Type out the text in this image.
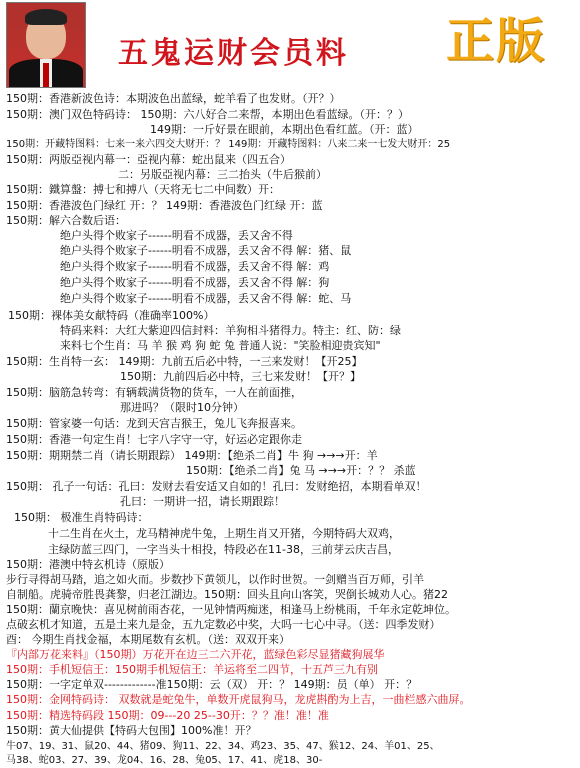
五鬼运财会员料 正版
150期：香港新波色诗：本期波色出蓝绿，蛇羊看了也发财。（开？）
150期：澳门双色特码诗： 150期：六八好合二来帮，本期出色看蓝绿。（开：？）
149期：一斤好景在眼前，本期出色看红蓝。（开：蓝）
150期：开藏特图料：七来一来六四交大财开：？ 149期：开藏特图料：八来二来一七发大财开：25
150期：两版亞视内幕一：亞视内幕：蛇出鼠来（四五合）
二：另版亞视内幕：三二抬头（牛后猴前）
150期：鐵算盤：搏七和搏八（天将无七二中间数）开：
150期：香港波色门绿红 开：？ 149期：香港波色门红绿 开：蓝
150期：解六合数后语：
绝户头得个败家子------明看不成器，丢又舍不得
绝户头得个败家子------明看不成器，丢又舍不得 解：猪、鼠
绝户头得个败家子------明看不成器，丢又舍不得 解：鸡
绝户头得个败家子------明看不成器，丢又舍不得 解：狗
绝户头得个败家子------明看不成器，丢又舍不得 解：蛇、马
150期：裸体美女献特码（准确率100%）
特码来料：大红大紫迎四信封料：羊狗相斗猪得力。特主：红、防：绿
来料七个生肖：马 羊 猴 鸡 狗 蛇 兔 普通人说："笑脸相迎贵宾知"
150期：生肖特一玄： 149期：九前五后必中特，一三来发财！【开25】
150期：九前四后必中特，三七来发财！【开？】
150期：脑筋急转弯：有辆载满货物的货车，一人在前面推，
那进吗？（限时10分钟）
150期：管家婆一句话：龙到天宫吉猴王，兔儿飞奔报喜来。
150期：香港一句定生肖！七字八字守一守，好运必定跟你走
150期：期期禁二肖（请长期跟踪） 149期：【绝杀二肖】牛 狗 →→→开：羊
150期：【绝杀二肖】兔 马 →→→开：？？ 杀蓝
150期： 孔子一句话：孔曰：发财去看安适又自如的！孔曰：发财绝招，本期看单双！
孔曰：一期讲一招，请长期跟踪！
150期： 极准生肖特码诗：
十二生肖在火土，龙马精神虎牛兔，上期生肖又开猪，今期特码大双鸡，
主绿防蓝三四门，一字当头十相投，特段必在11-38，三前芽云庆吉昌，
150期：港澳中特玄机诗（原版）
步行寻得胡马踏，追之如火而。步数抄下黄领儿，以作时世贺。一剑赠当百万师，引羊
自制船。虎骑帝胜畏龚黎，归老江湖边。150期：回头且向山客笑，哭倒长城劝人心。猪22
150期：蘭京晚快：喜见树前雨杏花，一见钟情两痴迷，相逢马上纷桃雨，千年永定乾坤位。
点破玄机才知道，五是土来九是金，五九定数必中奖，大吗一七心中寻。（送：四季发财）
酉： 今期生肖找金福，本期尾数有玄机。（送：双双开来）
『内部万花来料』（150期）万花开在边三二六开花，蓝绿色彩尽显猪藏狗展华
150期：手机短信王：150期手机短信王：羊运将至二四节，十五芦三九有别
150期：一字定单双-------------准150期：云（双） 开：？ 149期：员（单） 开：？
150期：金网特码诗： 双数就是蛇兔牛，单数开虎鼠狗马，龙虎斟酌为上吉，一曲栏感六曲屏。
150期：精选特码段 150期：09---20 25--30开：？？准！准！准
150期：黄大仙提供【特码大包围】100%准！开？
牛07、19、31、鼠20、44、猪09、狗11、22、34、鸡23、35、47、猴12、24、羊01、25、
马38、蛇03、27、39、龙04、16、28、兔05、17、41、虎18、30-
